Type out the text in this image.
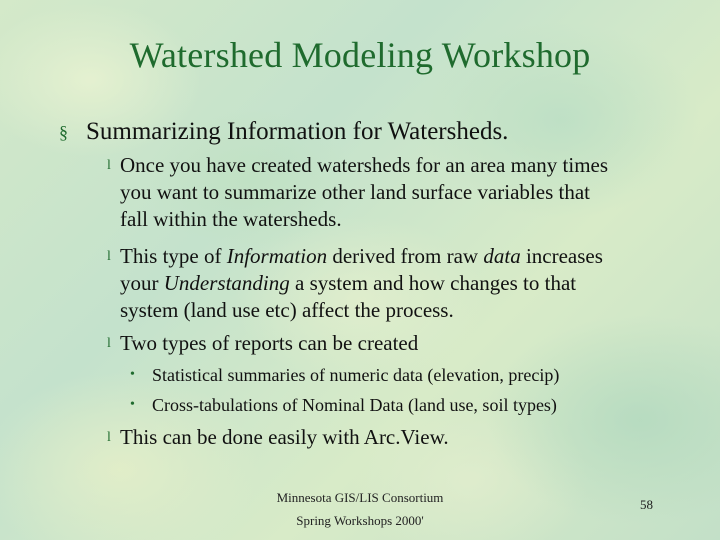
Watershed Modeling Workshop
§ Summarizing Information for Watersheds.
l Once you have created watersheds for an area many times
you want to summarize other land surface variables that
fall within the watersheds.
l This type of Information derived from raw data increases
your Understanding a system and how changes to that
system (land use etc) affect the process.
l Two types of reports can be created
• Statistical summaries of numeric data (elevation, precip)
• Cross-tabulations of Nominal Data (land use, soil types)
l This can be done easily with Arc.View.
Minnesota GIS/LIS Consortium
Spring Workshops 2000'
58
